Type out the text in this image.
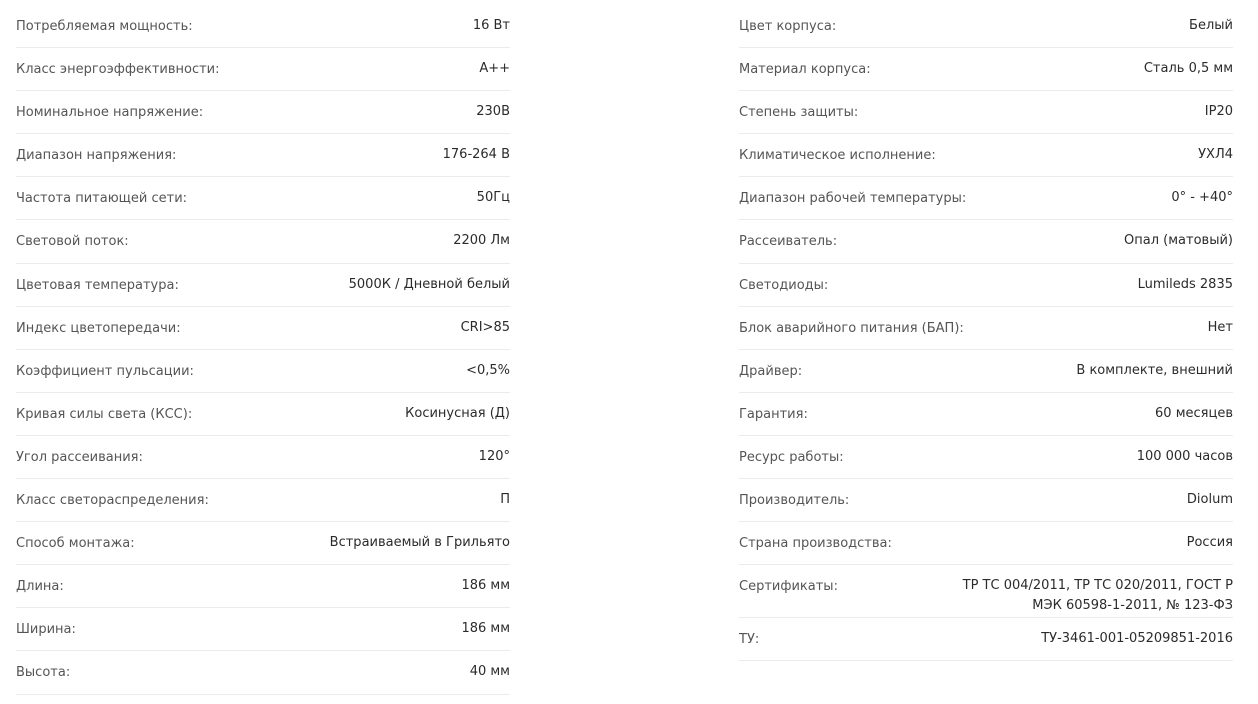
Потребляемая мощность:	16 Вт
Класс энергоэффективности:	А++
Номинальное напряжение:	230В
Диапазон напряжения:	176-264 В
Частота питающей сети:	50Гц
Световой поток:	2200 Лм
Цветовая температура:	5000К / Дневной белый
Индекс цветопередачи:	CRI>85
Коэффициент пульсации:	<0,5%
Кривая силы света (КСС):	Косинусная (Д)
Угол рассеивания:	120°
Класс светораспределения:	П
Способ монтажа:	Встраиваемый в Грильято
Длина:	186 мм
Ширина:	186 мм
Высота:	40 мм
Цвет корпуса:	Белый
Материал корпуса:	Сталь 0,5 мм
Степень защиты:	IP20
Климатическое исполнение:	УХЛ4
Диапазон рабочей температуры:	0° - +40°
Рассеиватель:	Опал (матовый)
Светодиоды:	Lumileds 2835
Блок аварийного питания (БАП):	Нет
Драйвер:	В комплекте, внешний
Гарантия:	60 месяцев
Ресурс работы:	100 000 часов
Производитель:	Diolum
Страна производства:	Россия
Сертификаты:	ТР ТС 004/2011, ТР ТС 020/2011, ГОСТ Р
МЭК 60598-1-2011, № 123-ФЗ
ТУ:	ТУ-3461-001-05209851-2016
